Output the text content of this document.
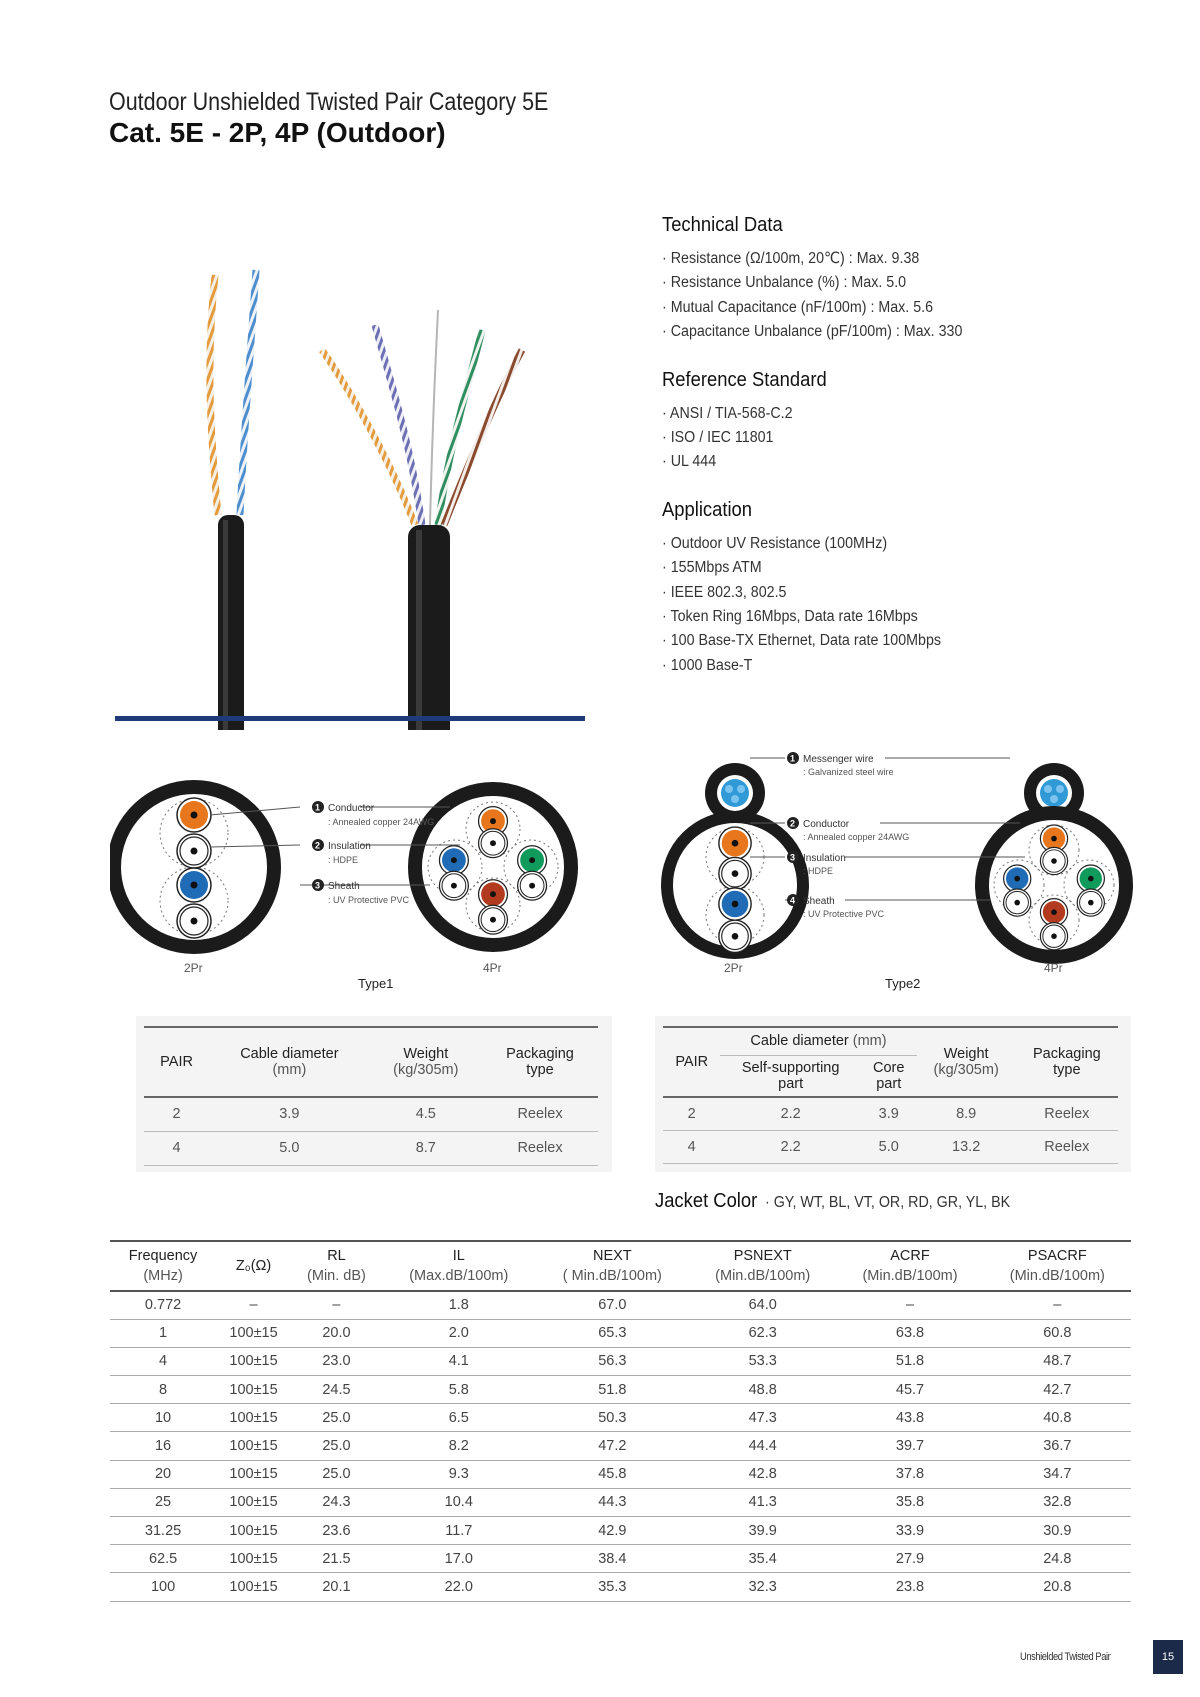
Outdoor Unshielded Twisted Pair Category 5E
Cat. 5E - 2P, 4P (Outdoor)
Technical Data
· Resistance (Ω/100m, 20℃) : Max. 9.38
· Resistance Unbalance (%) : Max. 5.0
· Mutual Capacitance (nF/100m) : Max. 5.6
· Capacitance Unbalance (pF/100m) : Max. 330
Reference Standard
· ANSI / TIA-568-C.2
· ISO / IEC 11801
· UL 444
Application
· Outdoor UV Resistance (100MHz)
· 155Mbps ATM
· IEEE 802.3, 802.5
· Token Ring 16Mbps, Data rate 16Mbps
· 100 Base-TX Ethernet, Data rate 100Mbps
· 1000 Base-T
1 Conductor
: Annealed copper 24AWG
2 Insulation
: HDPE
3 Sheath
: UV Protective PVC
2Pr	4Pr
Type1
1 Messenger wire
: Galvanized steel wire
2 Conductor
: Annealed copper 24AWG
3 Insulation
: HDPE
4 Sheath
: UV Protective PVC
2Pr	4Pr
Type2
PAIR	Cable diameter
(mm)	Weight
(kg/305m)	Packaging
type
2	3.9	4.5	Reelex
4	5.0	8.7	Reelex
PAIR	Cable diameter (mm)		Weight
(kg/305m)	Packaging
type
	Self-supporting
part	Core
part		
2	2.2	3.9	8.9	Reelex
4	2.2	5.0	13.2	Reelex
Jacket Color · GY, WT, BL, VT, OR, RD, GR, YL, BK
Frequency
(MHz)	Z₀(Ω)	RL
(Min. dB)	IL
(Max.dB/100m)	NEXT
( Min.dB/100m)	PSNEXT
(Min.dB/100m)	ACRF
(Min.dB/100m)	PSACRF
(Min.dB/100m)
0.772	–	–	1.8	67.0	64.0	–	–
1	100±15	20.0	2.0	65.3	62.3	63.8	60.8
4	100±15	23.0	4.1	56.3	53.3	51.8	48.7
8	100±15	24.5	5.8	51.8	48.8	45.7	42.7
10	100±15	25.0	6.5	50.3	47.3	43.8	40.8
16	100±15	25.0	8.2	47.2	44.4	39.7	36.7
20	100±15	25.0	9.3	45.8	42.8	37.8	34.7
25	100±15	24.3	10.4	44.3	41.3	35.8	32.8
31.25	100±15	23.6	11.7	42.9	39.9	33.9	30.9
62.5	100±15	21.5	17.0	38.4	35.4	27.9	24.8
100	100±15	20.1	22.0	35.3	32.3	23.8	20.8
Unshielded Twisted Pair	15
